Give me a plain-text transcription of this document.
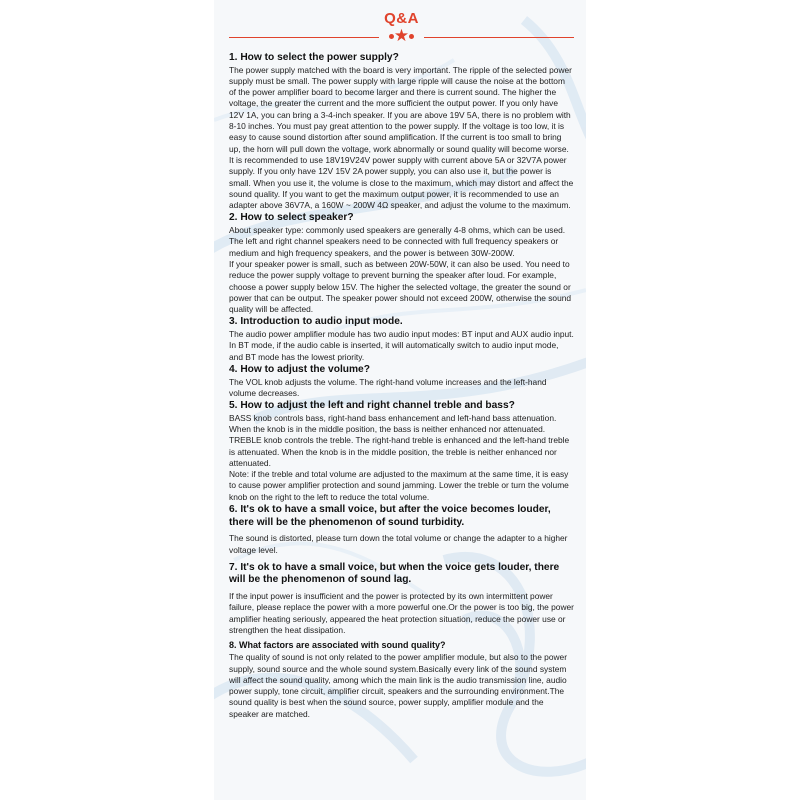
Q&A
★
1. How to select the power supply?
The power supply matched with the board is very important. The ripple of the selected power supply must be small. The power supply with large ripple will cause the noise at the bottom of the power amplifier board to become larger and there is current sound. The higher the voltage, the greater the current and the more sufficient the output power. If you only have 12V 1A, you can bring a 3-4-inch speaker. If you are above 19V 5A, there is no problem with 8-10 inches. You must pay great attention to the power supply. If the voltage is too low, it is easy to cause sound distortion after sound amplification. If the current is too small to bring up, the horn will pull down the voltage, work abnormally or sound quality will become worse.
It is recommended to use 18V19V24V power supply with current above 5A or 32V7A power supply. If you only have 12V 15V 2A power supply, you can also use it, but the power is small. When you use it, the volume is close to the maximum, which may distort and affect the sound quality. If you want to get the maximum output power, it is recommended to use an adapter above 36V7A, a 160W ~ 200W 4Ω speaker, and adjust the volume to the maximum.
2. How to select speaker?
About speaker type: commonly used speakers are generally 4-8 ohms, which can be used. The left and right channel speakers need to be connected with full frequency speakers or medium and high frequency speakers, and the power is between 30W-200W.
If your speaker power is small, such as between 20W-50W, it can also be used. You need to reduce the power supply voltage to prevent burning the speaker after loud. For example, choose a power supply below 15V. The higher the selected voltage, the greater the sound or power that can be output. The speaker power should not exceed 200W, otherwise the sound quality will be affected.
3. Introduction to audio input mode.
The audio power amplifier module has two audio input modes: BT input and AUX audio input. In BT mode, if the audio cable is inserted, it will automatically switch to audio input mode, and BT mode has the lowest priority.
4. How to adjust the volume?
The VOL knob adjusts the volume. The right-hand volume increases and the left-hand volume decreases.
5. How to adjust the left and right channel treble and bass?
BASS knob controls bass, right-hand bass enhancement and left-hand bass attenuation. When the knob is in the middle position, the bass is neither enhanced nor attenuated.
TREBLE knob controls the treble. The right-hand treble is enhanced and the left-hand treble is attenuated. When the knob is in the middle position, the treble is neither enhanced nor attenuated.
Note: if the treble and total volume are adjusted to the maximum at the same time, it is easy to cause power amplifier protection and sound jamming. Lower the treble or turn the volume knob on the right to the left to reduce the total volume.
6. It's ok to have a small voice, but after the voice becomes louder, there will be the phenomenon of sound turbidity.
The sound is distorted, please turn down the total volume or change the adapter to a higher voltage level.
7. It's ok to have a small voice, but when the voice gets louder, there will be the phenomenon of sound lag.
If the input power is insufficient and the power is protected by its own intermittent power failure, please replace the power with a more powerful one.Or the power is too big, the power amplifier heating seriously, appeared the heat protection situation, reduce the power use or strengthen the heat dissipation.
8. What factors are associated with sound quality?
The quality of sound is not only related to the power amplifier module, but also to the power supply, sound source and the whole sound system.Basically every link of the sound system will affect the sound quality, among which the main link is the audio transmission line, audio power supply, tone circuit, amplifier circuit, speakers and the surrounding environment.The sound quality is best when the sound source, power supply, amplifier module and the speaker are matched.
